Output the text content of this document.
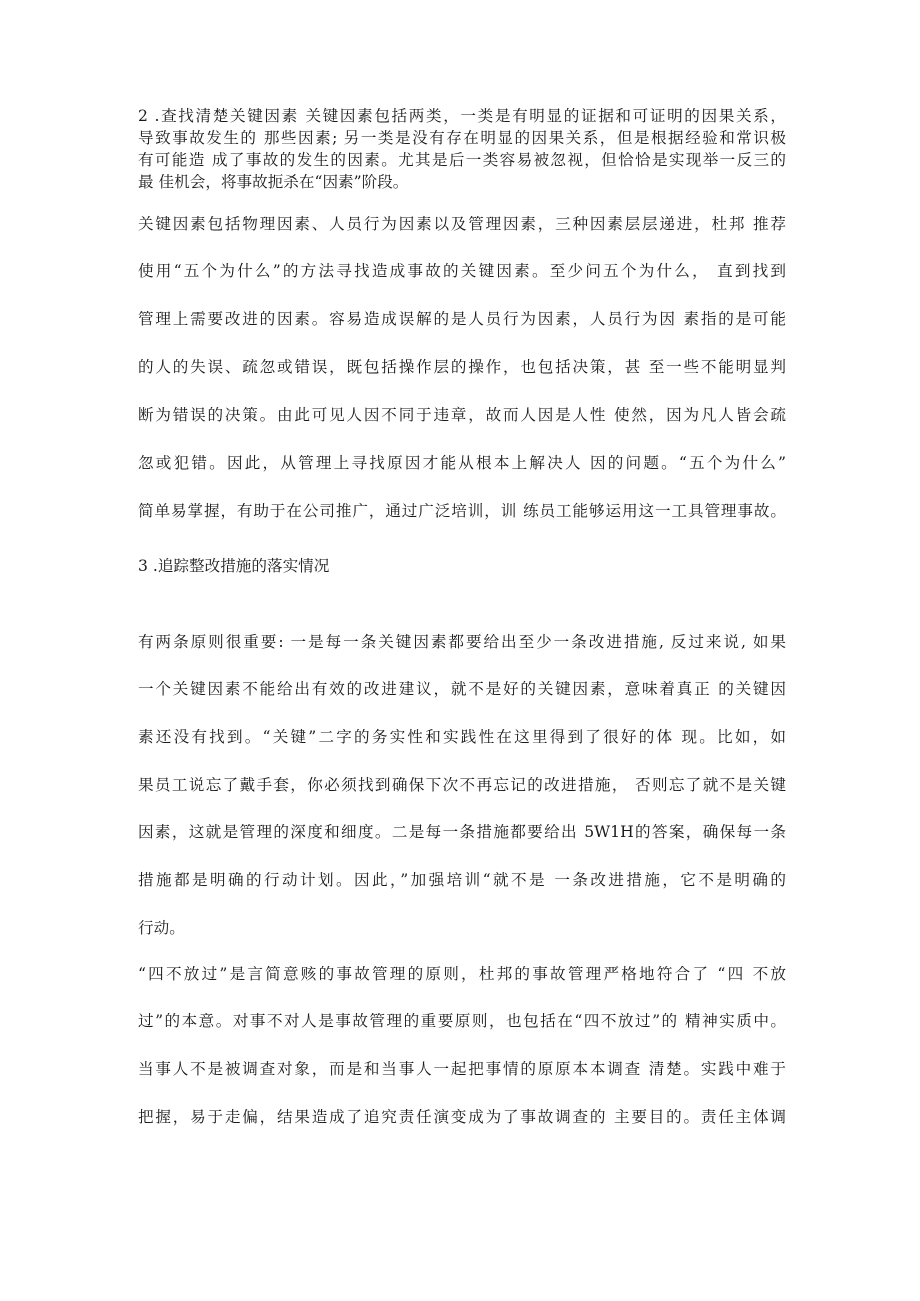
2 .查找清楚关键因素 关键因素包括两类，一类是有明显的证据和可证明的因果关系，
导致事故发生的 那些因素; 另一类是没有存在明显的因果关系，但是根据经验和常识极
有可能造 成了事故的发生的因素。尤其是后一类容易被忽视，但恰恰是实现举一反三的
最 佳机会，将事故扼杀在“因素”阶段。
关键因素包括物理因素、人员行为因素以及管理因素，三种因素层层递进，杜邦 推荐
使用“五个为什么”的方法寻找造成事故的关键因素。至少问五个为什么， 直到找到
管理上需要改进的因素。容易造成误解的是人员行为因素，人员行为因 素指的是可能
的人的失误、疏忽或错误，既包括操作层的操作，也包括决策，甚 至一些不能明显判
断为错误的决策。由此可见人因不同于违章，故而人因是人性 使然，因为凡人皆会疏
忽或犯错。因此，从管理上寻找原因才能从根本上解决人 因的问题。“五个为什么”
简单易掌握，有助于在公司推广，通过广泛培训，训 练员工能够运用这一工具管理事故。
3 .追踪整改措施的落实情况
有两条原则很重要: 一是每一条关键因素都要给出至少一条改进措施, 反过来说, 如果
一个关键因素不能给出有效的改进建议，就不是好的关键因素，意味着真正 的关键因
素还没有找到。“关键”二字的务实性和实践性在这里得到了很好的体 现。比如，如
果员工说忘了戴手套，你必须找到确保下次不再忘记的改进措施， 否则忘了就不是关键
因素，这就是管理的深度和细度。二是每一条措施都要给出 5W1H的答案，确保每一条
措施都是明确的行动计划。因此，”加强培训“就不是 一条改进措施，它不是明确的
行动。
“四不放过”是言简意赅的事故管理的原则，杜邦的事故管理严格地符合了 “四 不放
过”的本意。对事不对人是事故管理的重要原则，也包括在“四不放过”的 精神实质中。
当事人不是被调查对象，而是和当事人一起把事情的原原本本调查 清楚。实践中难于
把握，易于走偏，结果造成了追究责任演变成为了事故调查的 主要目的。责任主体调
